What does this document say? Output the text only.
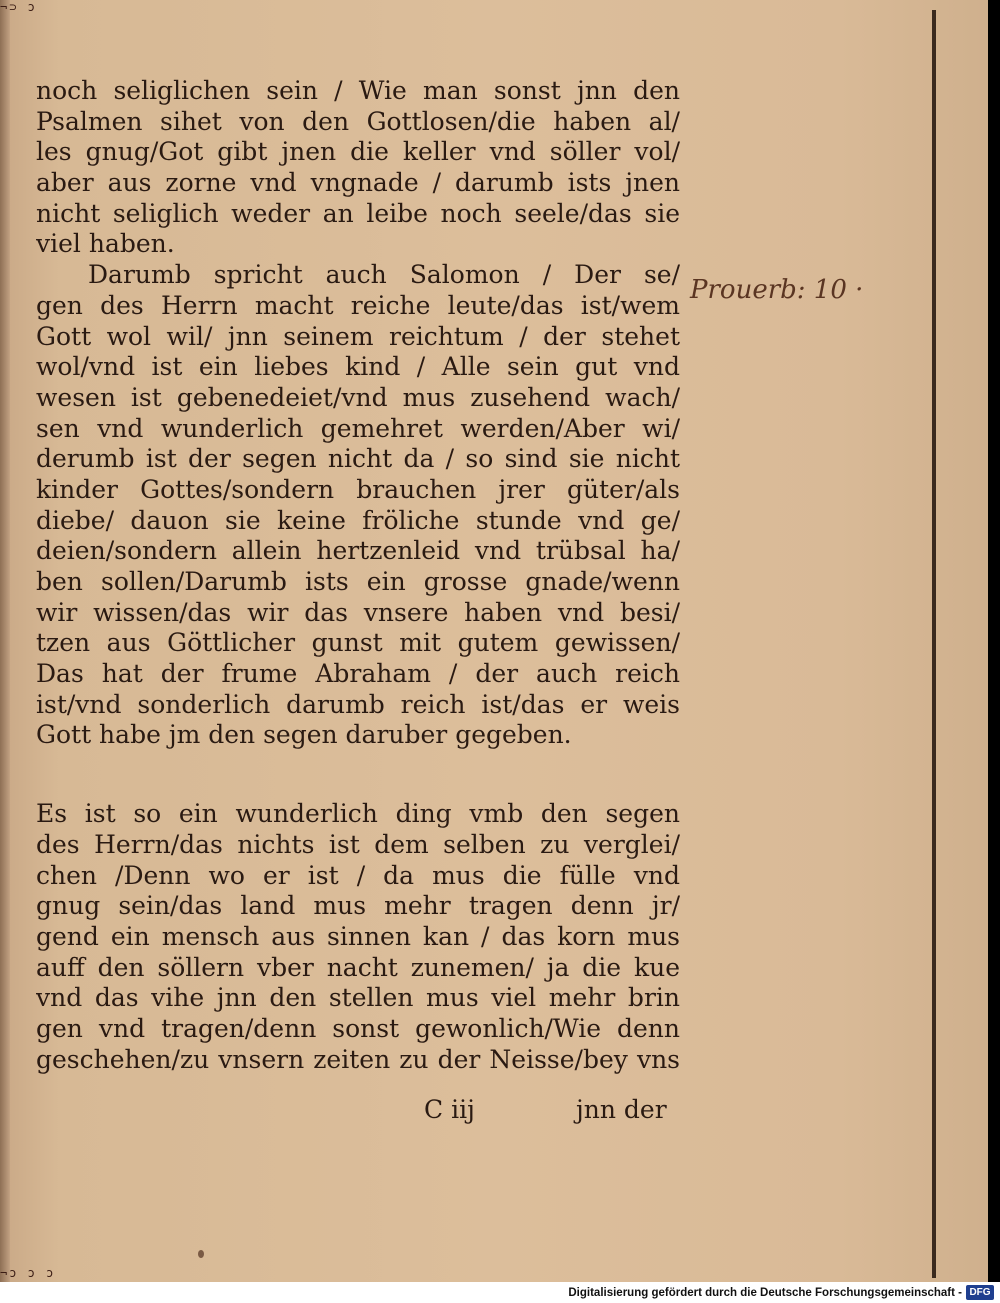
¬⊃ ɔ
¬ɔ ɔ ɔ
noch seliglichen sein / Wie man sonst jnn den
Psalmen sihet von den Gottlosen/die haben al/
les gnug/Got gibt jnen die keller vnd söller vol/
aber aus zorne vnd vngnade / darumb ists jnen
nicht seliglich weder an leibe noch seele/das sie
viel haben.
Darumb spricht auch Salomon / Der se/
gen des Herrn macht reiche leute/das ist/wem
Gott wol wil/ jnn seinem reichtum / der stehet
wol/vnd ist ein liebes kind / Alle sein gut vnd
wesen ist gebenedeiet/vnd mus zusehend wach/
sen vnd wunderlich gemehret werden/Aber wi/
derumb ist der segen nicht da / so sind sie nicht
kinder Gottes/sondern brauchen jrer güter/als
diebe/ dauon sie keine fröliche stunde vnd ge/
deien/sondern allein hertzenleid vnd trübsal ha/
ben sollen/Darumb ists ein grosse gnade/wenn
wir wissen/das wir das vnsere haben vnd besi/
tzen aus Göttlicher gunst mit gutem gewissen/
Das hat der frume Abraham / der auch reich
ist/vnd sonderlich darumb reich ist/das er weis
Gott habe jm den segen daruber gegeben.
Es ist so ein wunderlich ding vmb den segen
des Herrn/das nichts ist dem selben zu verglei/
chen /Denn wo er ist / da mus die fülle vnd
gnug sein/das land mus mehr tragen denn jr/
gend ein mensch aus sinnen kan / das korn mus
auff den söllern vber nacht zunemen/ ja die kue
vnd das vihe jnn den stellen mus viel mehr brin
gen vnd tragen/denn sonst gewonlich/Wie denn
geschehen/zu vnsern zeiten zu der Neisse/bey vns
C iij	jnn der
Prouerb: 10 ·
Digitalisierung gefördert durch die Deutsche Forschungsgemeinschaft - DFG
